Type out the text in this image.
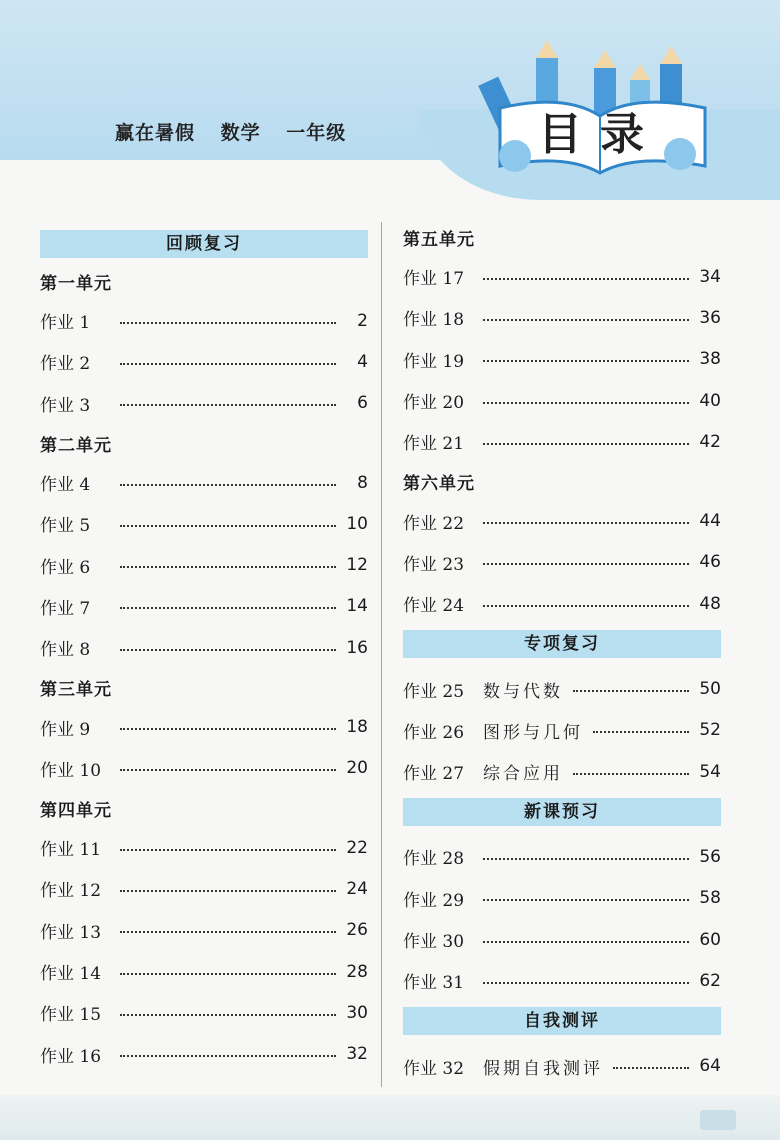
赢在暑假 数学 一年级	目录
回顾复习
第一单元
作业 1	2
作业 2	4
作业 3	6
第二单元
作业 4	8
作业 5	10
作业 6	12
作业 7	14
作业 8	16
第三单元
作业 9	18
作业 10	20
第四单元
作业 11	22
作业 12	24
作业 13	26
作业 14	28
作业 15	30
作业 16	32
第五单元
作业 17	34
作业 18	36
作业 19	38
作业 20	40
作业 21	42
第六单元
作业 22	44
作业 23	46
作业 24	48
专项复习
作业 25	数与代数	50
作业 26	图形与几何	52
作业 27	综合应用	54
新课预习
作业 28	56
作业 29	58
作业 30	60
作业 31	62
自我测评
作业 32	假期自我测评	64
